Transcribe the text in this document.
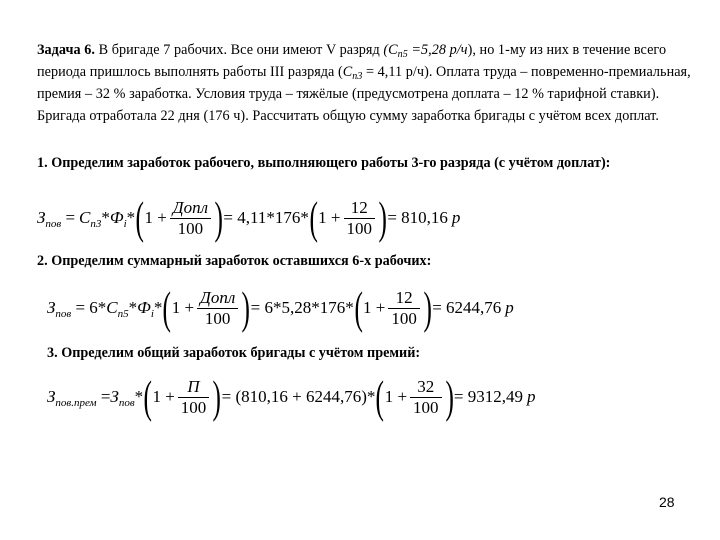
Задача 6. В бригаде 7 рабочих. Все они имеют V разряд ($С_{п5} =5,28$ р/ч), но 1-му из них в течение всего периода пришлось выполнять работы III разряда ($С_{п3} = 4,11$ р/ч). Оплата труда – повременно-премиальная, премия – 32 % заработка. Условия труда – тяжёлые (предусмотрена доплата – 12 % тарифной ставки). Бригада отработала 22 дня (176 ч). Рассчитать общую сумму заработка бригады с учётом всех доплат.
1. Определим заработок рабочего, выполняющего работы 3-го разряда (с учётом доплат):
$З_{пов}$
= $С_{п3} * Ф_i$ * ( 1
+ $\frac{\text{Допл}}{100}$ ) = 4,11*176* ( 1
+ $\frac{12}{100}$ ) = 810,16 р
2. Определим суммарный заработок оставшихся 6-х рабочих:
$З_{пов}$
= 6* $С_{п5} * Ф_i$ * ( 1
+ $\frac{\text{Допл}}{100}$ ) = 6*5,28*176* ( 1
+ $\frac{12}{100}$ ) = 6244,76 р
3. Определим общий заработок бригады с учётом премий:
$З_{пов.прем}$
= $З_{пов}$ * ( 1
+ $\frac{П}{100}$ ) = (810,16 + 6244,76)* ( 1
+ $\frac{32}{100}$ ) = 9312,49 р
28
